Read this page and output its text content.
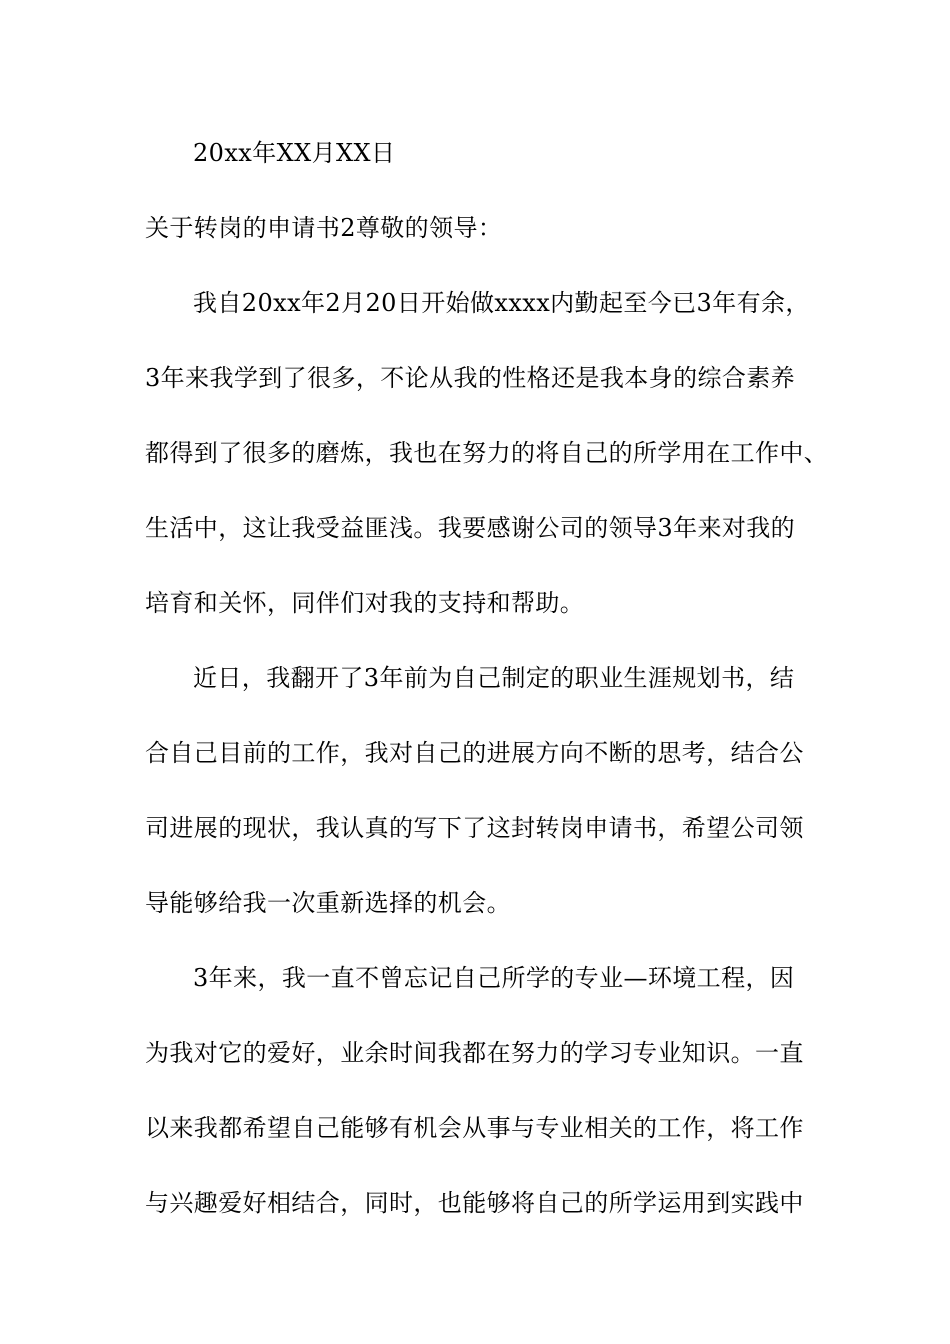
20xx年XX月XX日
关于转岗的申请书2尊敬的领导：
我自20xx年2月20日开始做xxxx内勤起至今已3年有余，
3年来我学到了很多，不论从我的性格还是我本身的综合素养
都得到了很多的磨炼，我也在努力的将自己的所学用在工作中、
生活中，这让我受益匪浅。我要感谢公司的领导3年来对我的
培育和关怀，同伴们对我的支持和帮助。
近日，我翻开了3年前为自己制定的职业生涯规划书，结
合自己目前的工作，我对自己的进展方向不断的思考，结合公
司进展的现状，我认真的写下了这封转岗申请书，希望公司领
导能够给我一次重新选择的机会。
3年来，我一直不曾忘记自己所学的专业—环境工程，因
为我对它的爱好，业余时间我都在努力的学习专业知识。一直
以来我都希望自己能够有机会从事与专业相关的工作，将工作
与兴趣爱好相结合，同时，也能够将自己的所学运用到实践中
